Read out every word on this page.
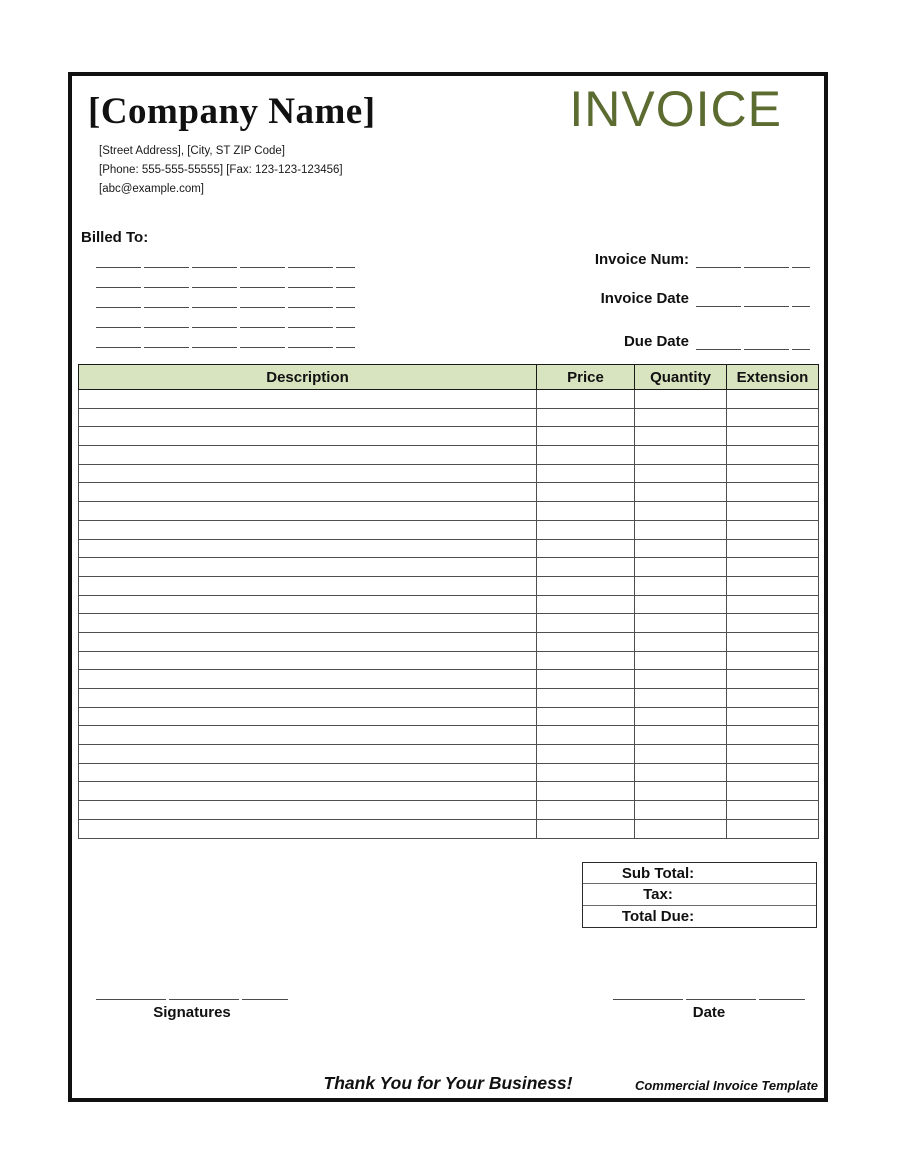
[Company Name]
[Street Address], [City, ST ZIP Code]
[Phone: 555-555-55555] [Fax: 123-123-123456]
[abc@example.com]
INVOICE
Billed To:
Invoice Num:
Invoice Date
Due Date
Description	Price	Quantity	Extension

Sub Total:
Tax:
Total Due:
Signatures	Date
Thank You for Your Business!	Commercial Invoice Template
